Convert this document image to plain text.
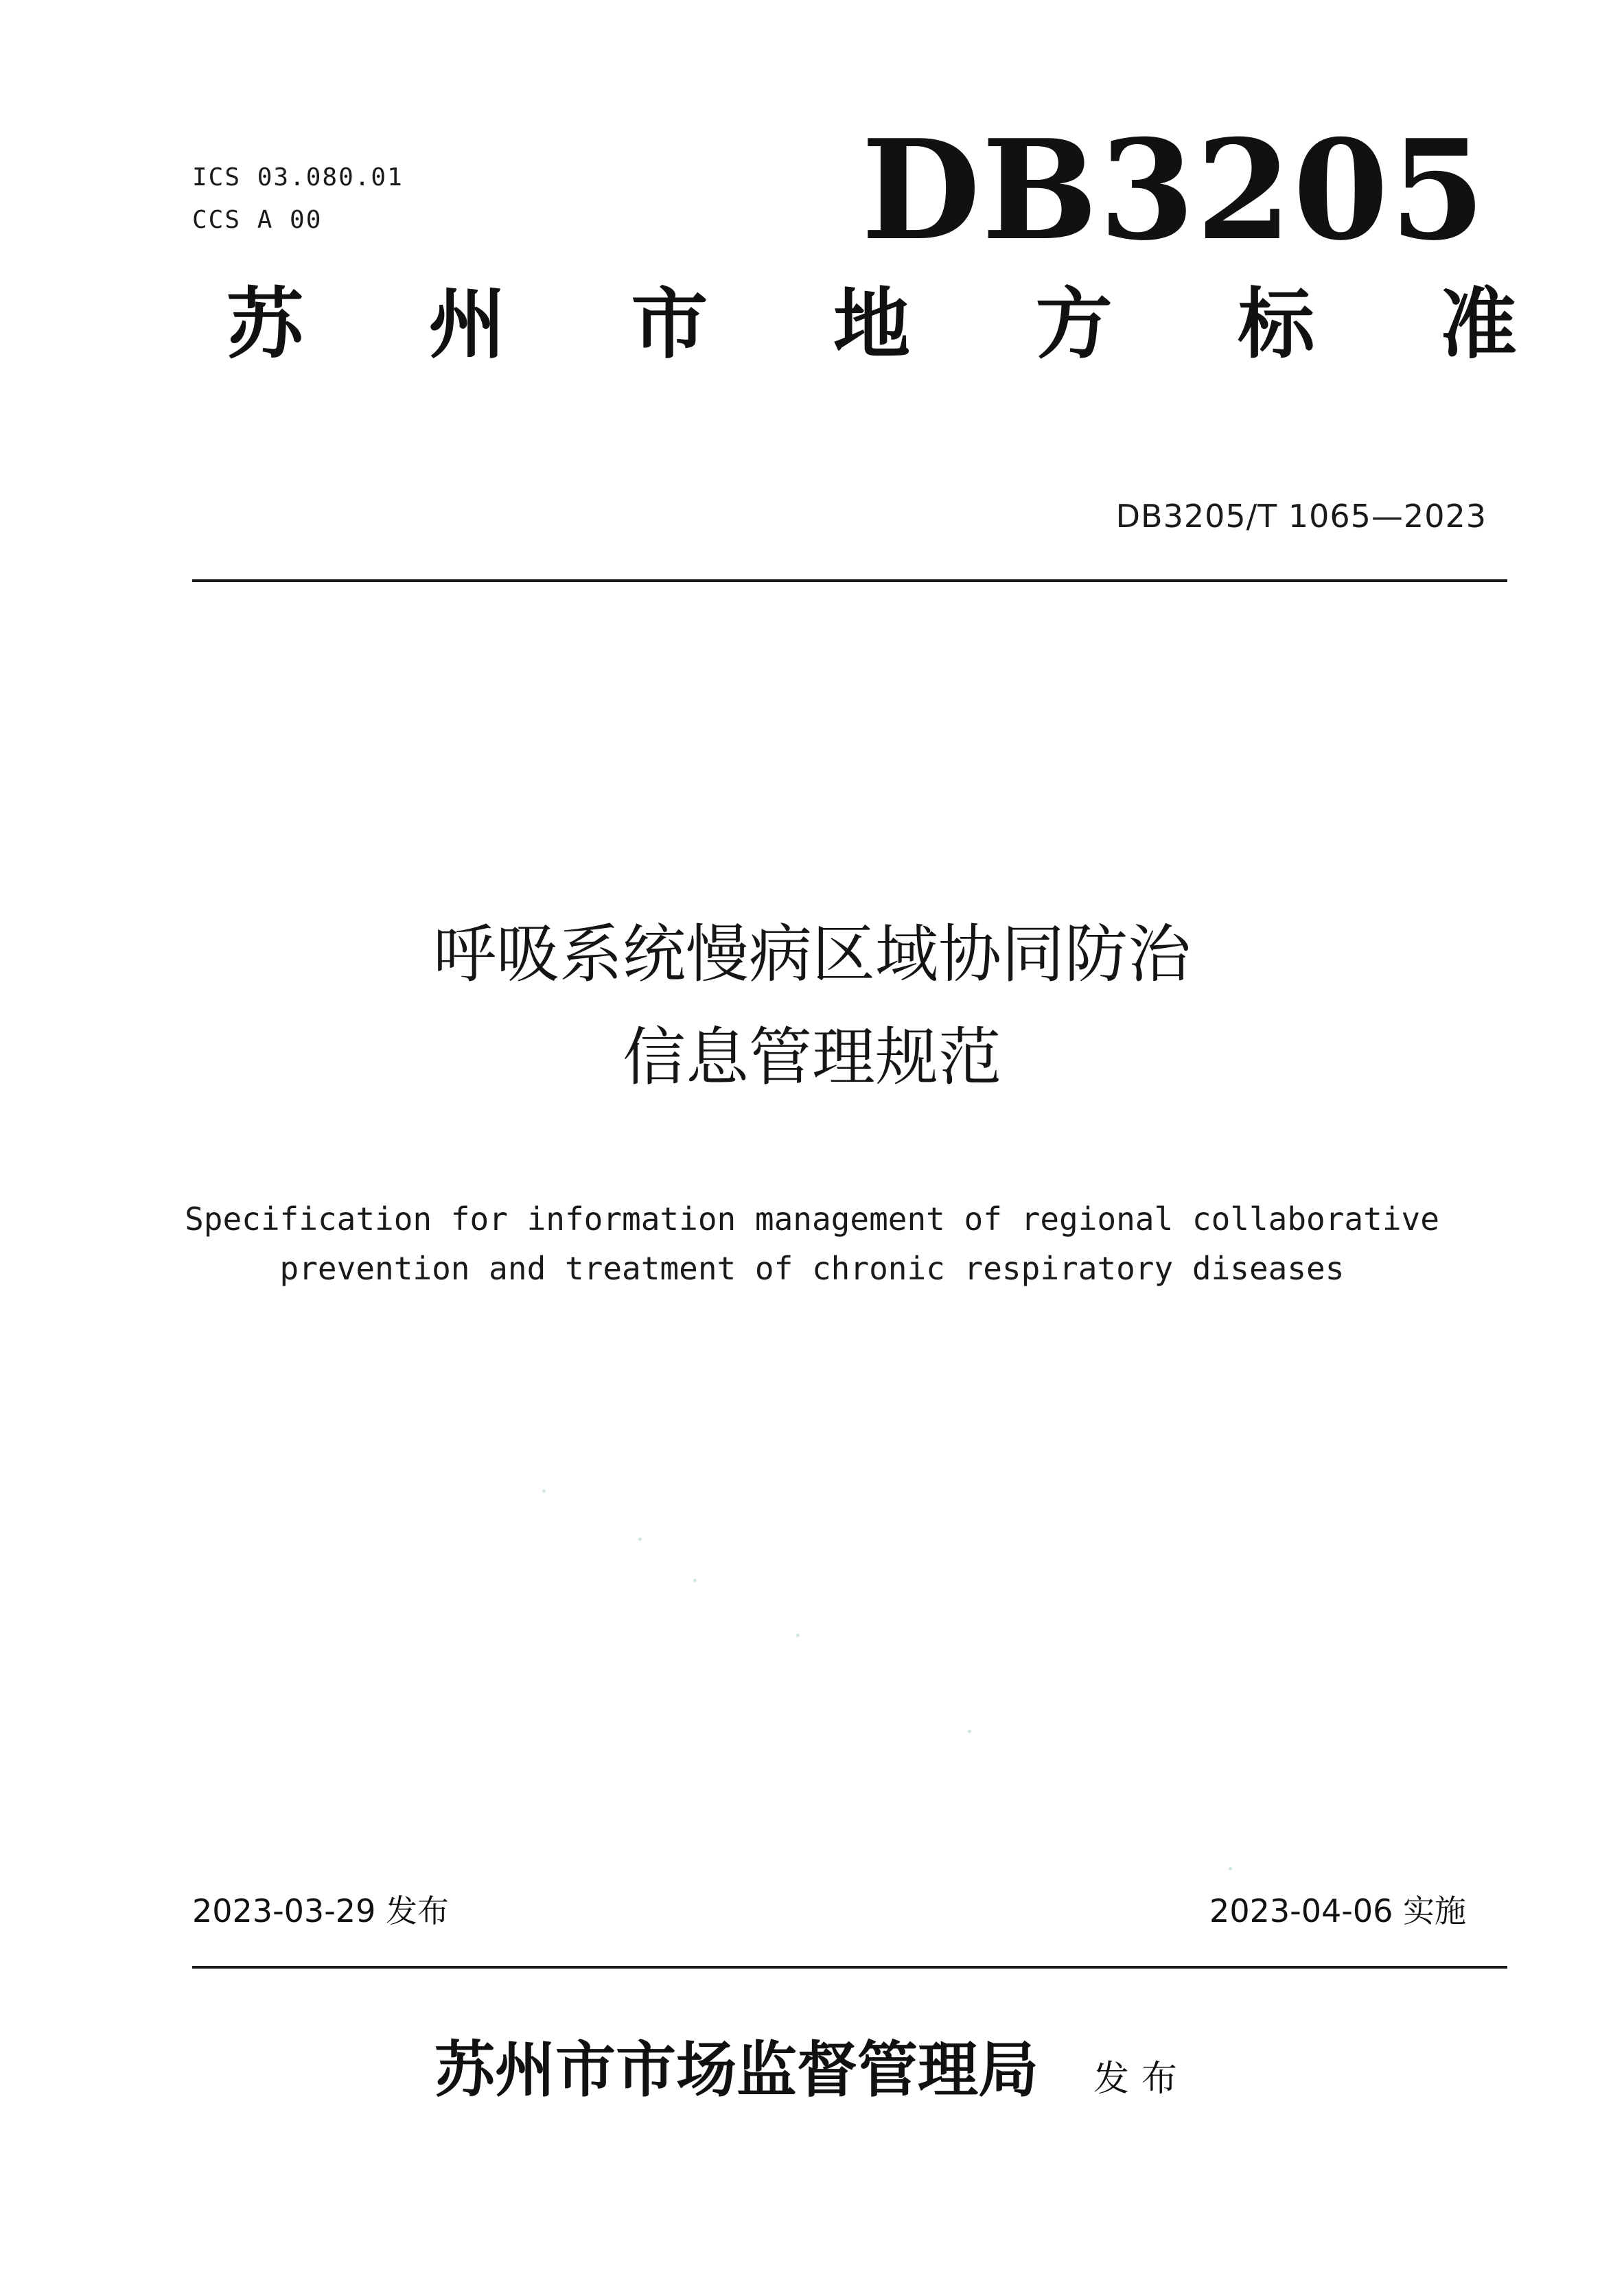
ICS 03.080.01
CCS A 00	DB3205
苏 州 市 地 方 标 准
DB3205/T 1065—2023
呼吸系统慢病区域协同防治
信息管理规范
Specification for information management of regional collaborative
prevention and treatment of chronic respiratory diseases
2023-03-29 发布	2023-04-06 实施
苏州市市场监督管理局 发布
